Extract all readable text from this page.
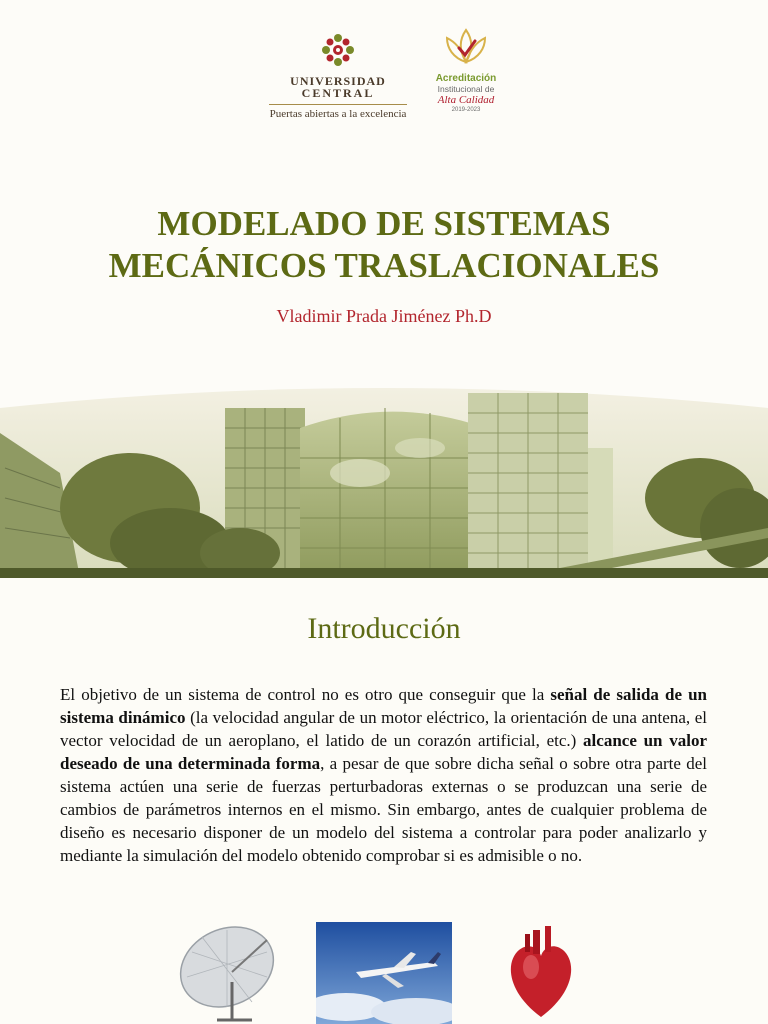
UNIVERSIDAD
CENTRAL
Puertas abiertas a la excelencia
Acreditación
Institucional de
Alta Calidad
2019-2023
MODELADO DE SISTEMAS
MECÁNICOS TRASLACIONALES
Vladimir Prada Jiménez Ph.D
Introducción
El objetivo de un sistema de control no es otro que conseguir que la señal de salida de un sistema dinámico (la velocidad angular de un motor eléctrico, la orientación de una antena, el vector velocidad de un aeroplano, el latido de un corazón artificial, etc.) alcance un valor deseado de una determinada forma, a pesar de que sobre dicha señal o sobre otra parte del sistema actúen una serie de fuerzas perturbadoras externas o se produzcan una serie de cambios de parámetros internos en el mismo. Sin embargo, antes de cualquier problema de diseño es necesario disponer de un modelo del sistema a controlar para poder analizarlo y mediante la simulación del modelo obtenido comprobar si es admisible o no.
